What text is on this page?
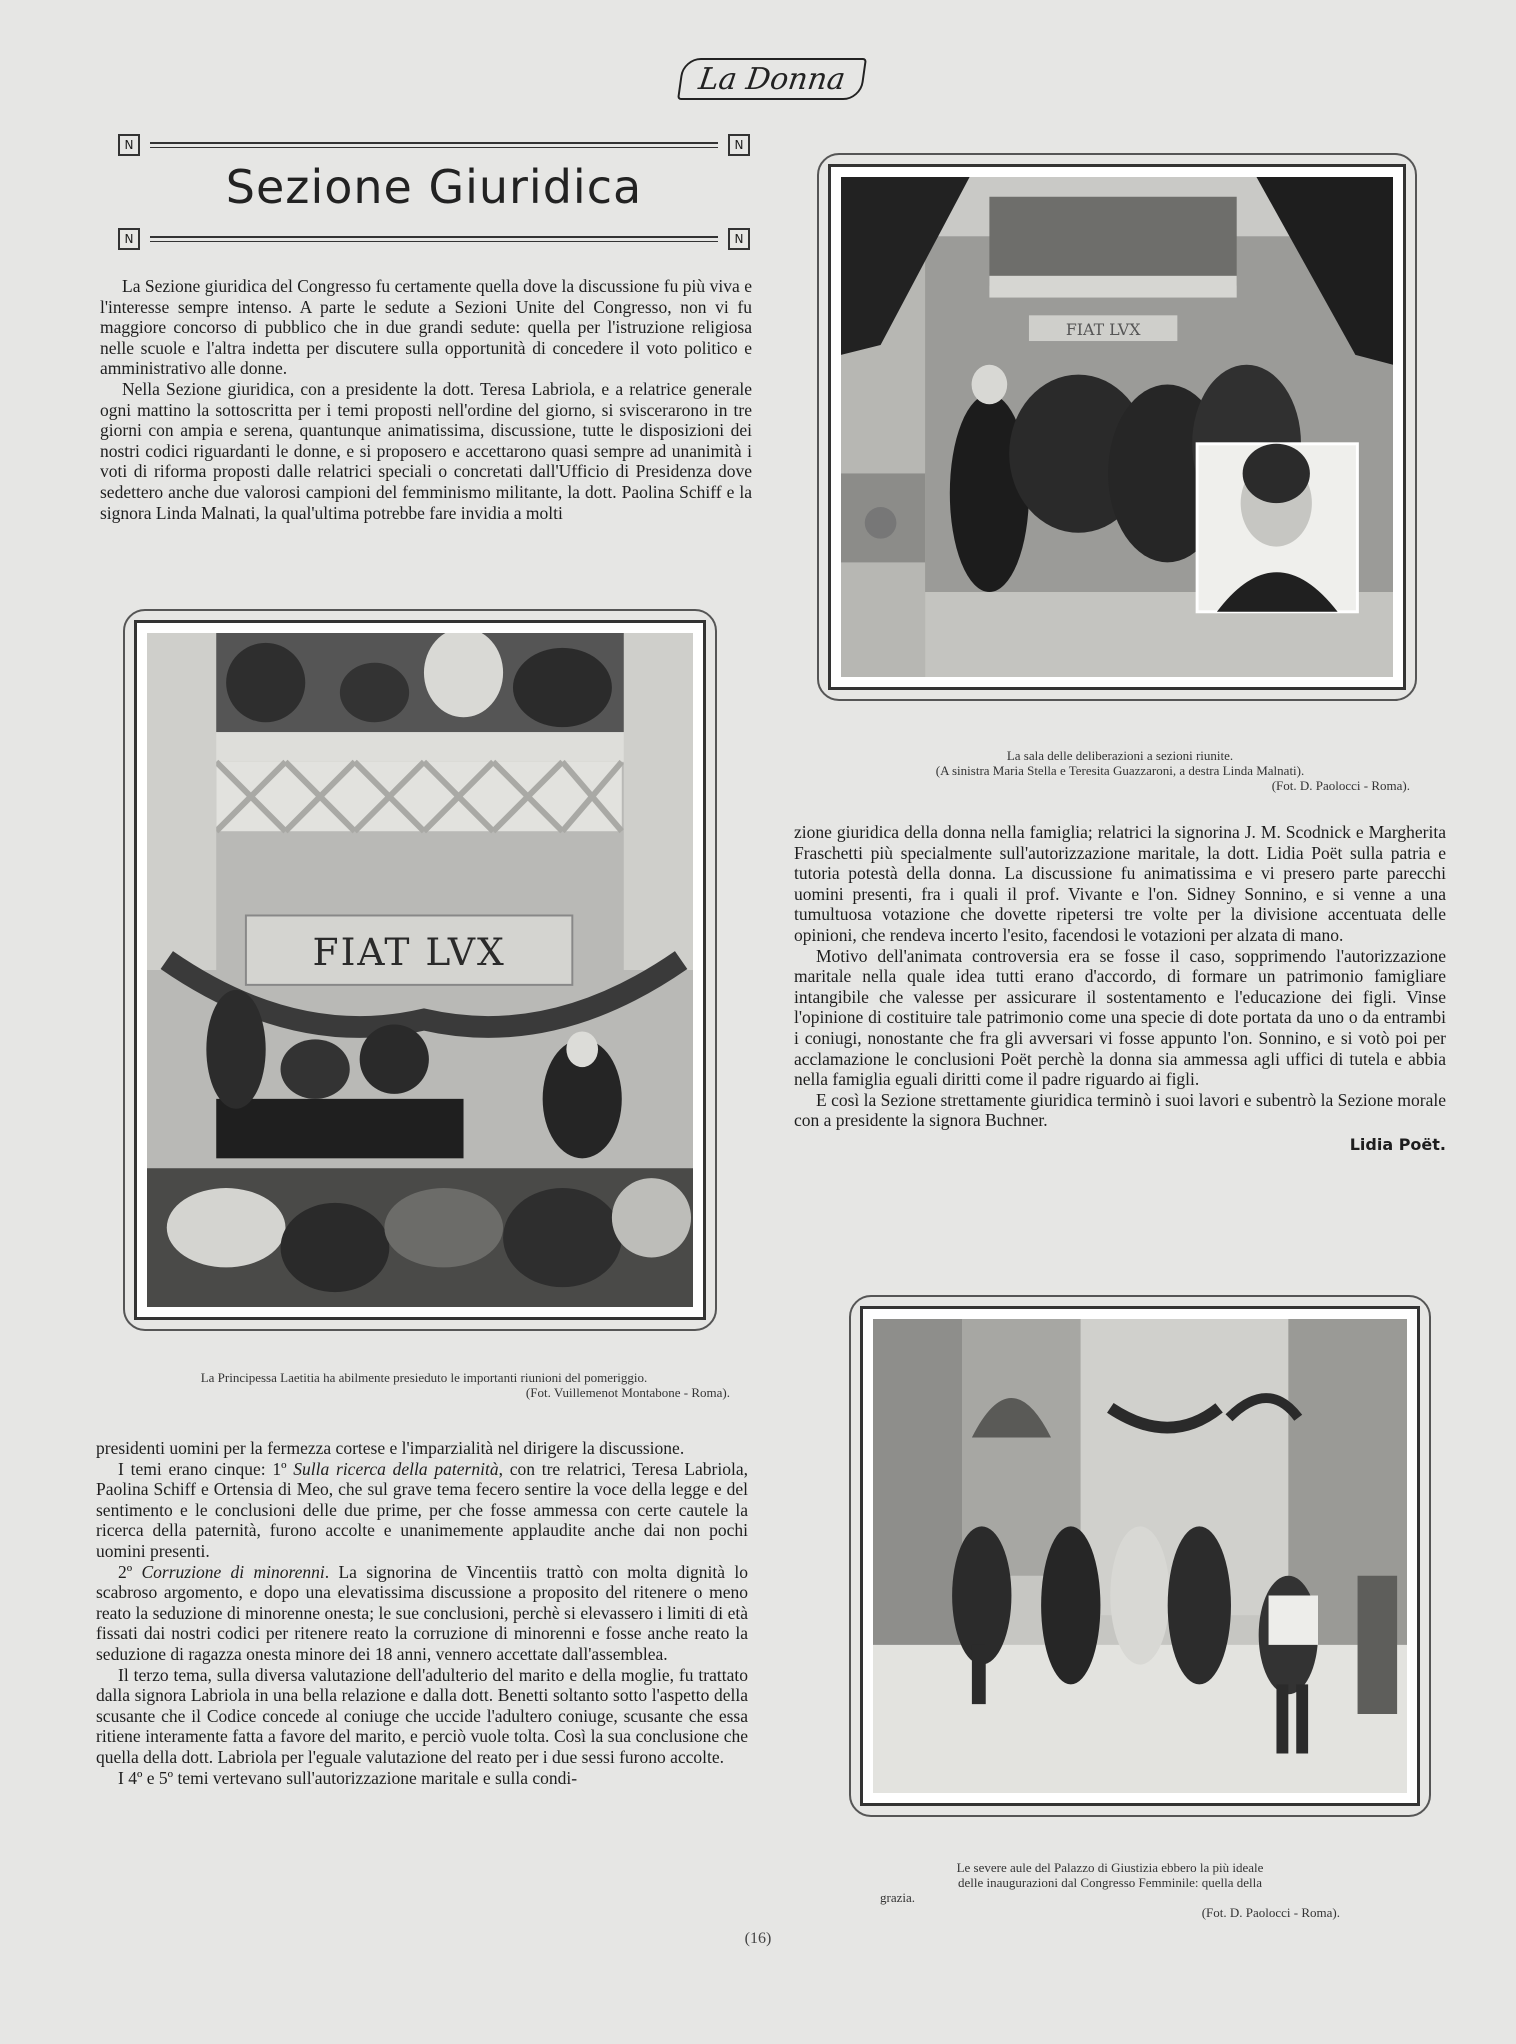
La Donna
N	N
Sezione Giuridica
N	N

La Sezione giuridica del Congresso fu certamente quella dove la discussione fu più viva e l'interesse sempre intenso. A parte le sedute a Sezioni Unite del Congresso, non vi fu maggiore concorso di pubblico che in due grandi sedute: quella per l'istruzione religiosa nelle scuole e l'altra indetta per discutere sulla opportunità di concedere il voto politico e amministrativo alle donne.

Nella Sezione giuridica, con a presidente la dott. Teresa Labriola, e a relatrice generale ogni mattino la sottoscritta per i temi proposti nell'ordine del giorno, si sviscerarono in tre giorni con ampia e serena, quantunque animatissima, discussione, tutte le disposizioni dei nostri codici riguardanti le donne, e si proposero e accettarono quasi sempre ad unanimità i voti di riforma proposti dalle relatrici speciali o concretati dall'Ufficio di Presidenza dove sedettero anche due valorosi campioni del femminismo militante, la dott. Paolina Schiff e la signora Linda Malnati, la qual'ultima potrebbe fare invidia a molti

FIAT LVX
La sala delle deliberazioni a sezioni riunite.
(A sinistra Maria Stella e Teresita Guazzaroni, a destra Linda Malnati).
(Fot. D. Paolocci - Roma).
FIAT LVX
La Principessa Laetitia ha abilmente presieduto le importanti riunioni del pomeriggio.
(Fot. Vuillemenot Montabone - Roma).

presidenti uomini per la fermezza cortese e l'imparzialità nel dirigere la discussione.

I temi erano cinque: 1º Sulla ricerca della paternità, con tre relatrici, Teresa Labriola, Paolina Schiff e Ortensia di Meo, che sul grave tema fecero sentire la voce della legge e del sentimento e le conclusioni delle due prime, per che fosse ammessa con certe cautele la ricerca della paternità, furono accolte e unanimemente applaudite anche dai non pochi uomini presenti.

2º Corruzione di minorenni. La signorina de Vincentiis trattò con molta dignità lo scabroso argomento, e dopo una elevatissima discussione a proposito del ritenere o meno reato la seduzione di minorenne onesta; le sue conclusioni, perchè si elevassero i limiti di età fissati dai nostri codici per ritenere reato la corruzione di minorenni e fosse anche reato la seduzione di ragazza onesta minore dei 18 anni, vennero accettate dall'assemblea.

Il terzo tema, sulla diversa valutazione dell'adulterio del marito e della moglie, fu trattato dalla signora Labriola in una bella relazione e dalla dott. Benetti soltanto sotto l'aspetto della scusante che il Codice concede al coniuge che uccide l'adultero coniuge, scusante che essa ritiene interamente fatta a favore del marito, e perciò vuole tolta. Così la sua conclusione che quella della dott. Labriola per l'eguale valutazione del reato per i due sessi furono accolte.

I 4º e 5º temi vertevano sull'autorizzazione maritale e sulla condi-

zione giuridica della donna nella famiglia; relatrici la signorina J. M. Scodnick e Margherita Fraschetti più specialmente sull'autorizzazione maritale, la dott. Lidia Poët sulla patria e tutoria potestà della donna. La discussione fu animatissima e vi presero parte parecchi uomini presenti, fra i quali il prof. Vivante e l'on. Sidney Sonnino, e si venne a una tumultuosa votazione che dovette ripetersi tre volte per la divisione accentuata delle opinioni, che rendeva incerto l'esito, facendosi le votazioni per alzata di mano.

Motivo dell'animata controversia era se fosse il caso, sopprimendo l'autorizzazione maritale nella quale idea tutti erano d'accordo, di formare un patrimonio famigliare intangibile che valesse per assicurare il sostentamento e l'educazione dei figli. Vinse l'opinione di costituire tale patrimonio come una specie di dote portata da uno o da entrambi i coniugi, nonostante che fra gli avversari vi fosse appunto l'on. Sonnino, e si votò poi per acclamazione le conclusioni Poët perchè la donna sia ammessa agli uffici di tutela e abbia nella famiglia eguali diritti come il padre riguardo ai figli.

E così la Sezione strettamente giuridica terminò i suoi lavori e subentrò la Sezione morale con a presidente la signora Buchner.

Lidia Poët.
Le severe aule del Palazzo di Giustizia ebbero la più ideale
delle inaugurazioni dal Congresso Femminile: quella della
grazia.
(Fot. D. Paolocci - Roma).
(16)
